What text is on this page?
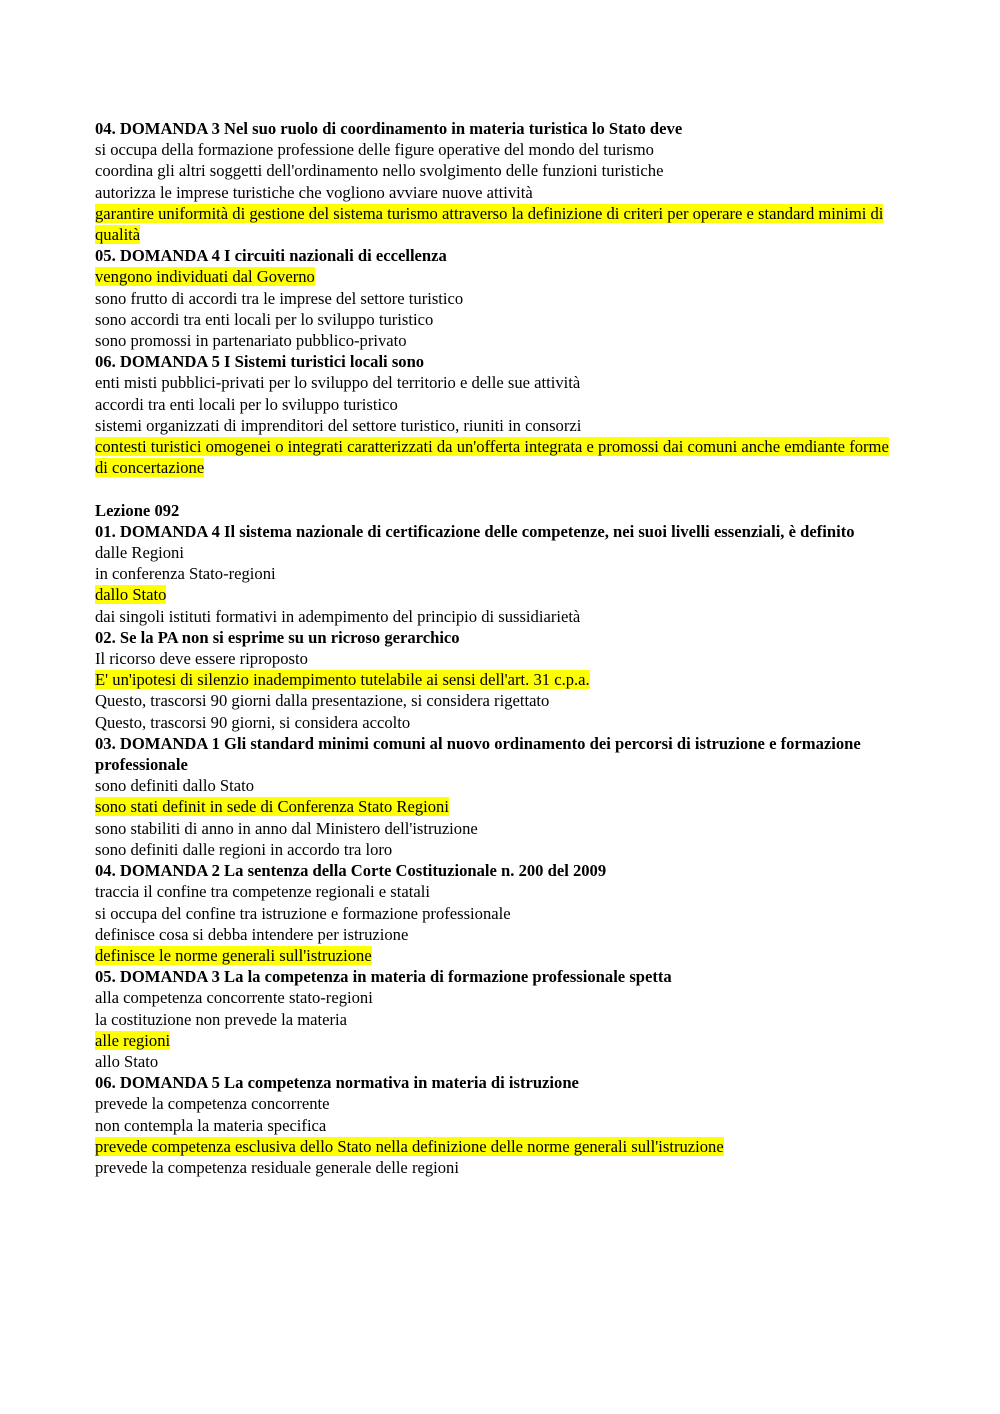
04. DOMANDA 3 Nel suo ruolo di coordinamento in materia turistica lo Stato deve
si occupa della formazione professione delle figure operative del mondo del turismo
coordina gli altri soggetti dell'ordinamento nello svolgimento delle funzioni turistiche
autorizza le imprese turistiche che vogliono avviare nuove attività
garantire uniformità di gestione del sistema turismo attraverso la definizione di criteri per operare e standard minimi di qualità
05. DOMANDA 4 I circuiti nazionali di eccellenza
vengono individuati dal Governo
sono frutto di accordi tra le imprese del settore turistico
sono accordi tra enti locali per lo sviluppo turistico
sono promossi in partenariato pubblico-privato
06. DOMANDA 5 I Sistemi turistici locali sono
enti misti pubblici-privati per lo sviluppo del territorio e delle sue attività
accordi tra enti locali per lo sviluppo turistico
sistemi organizzati di imprenditori del settore turistico, riuniti in consorzi
contesti turistici omogenei o integrati caratterizzati da un'offerta integrata e promossi dai comuni anche emdiante forme di concertazione
Lezione 092
01. DOMANDA 4 Il sistema nazionale di certificazione delle competenze, nei suoi livelli essenziali, è definito
dalle Regioni
in conferenza Stato-regioni
dallo Stato
dai singoli istituti formativi in adempimento del principio di sussidiarietà
02. Se la PA non si esprime su un ricroso gerarchico
Il ricorso deve essere riproposto
E' un'ipotesi di silenzio inadempimento tutelabile ai sensi dell'art. 31 c.p.a.
Questo, trascorsi 90 giorni dalla presentazione, si considera rigettato
Questo, trascorsi 90 giorni, si considera accolto
03. DOMANDA 1 Gli standard minimi comuni al nuovo ordinamento dei percorsi di istruzione e formazione professionale
sono definiti dallo Stato
sono stati definit in sede di Conferenza Stato Regioni
sono stabiliti di anno in anno dal Ministero dell'istruzione
sono definiti dalle regioni in accordo tra loro
04. DOMANDA 2 La sentenza della Corte Costituzionale n. 200 del 2009
traccia il confine tra competenze regionali e statali
si occupa del confine tra istruzione e formazione professionale
definisce cosa si debba intendere per istruzione
definisce le norme generali sull'istruzione
05. DOMANDA 3 La la competenza in materia di formazione professionale spetta
alla competenza concorrente stato-regioni
la costituzione non prevede la materia
alle regioni
allo Stato
06. DOMANDA 5 La competenza normativa in materia di istruzione
prevede la competenza concorrente
non contempla la materia specifica
prevede competenza esclusiva dello Stato nella definizione delle norme generali sull'istruzione
prevede la competenza residuale generale delle regioni
